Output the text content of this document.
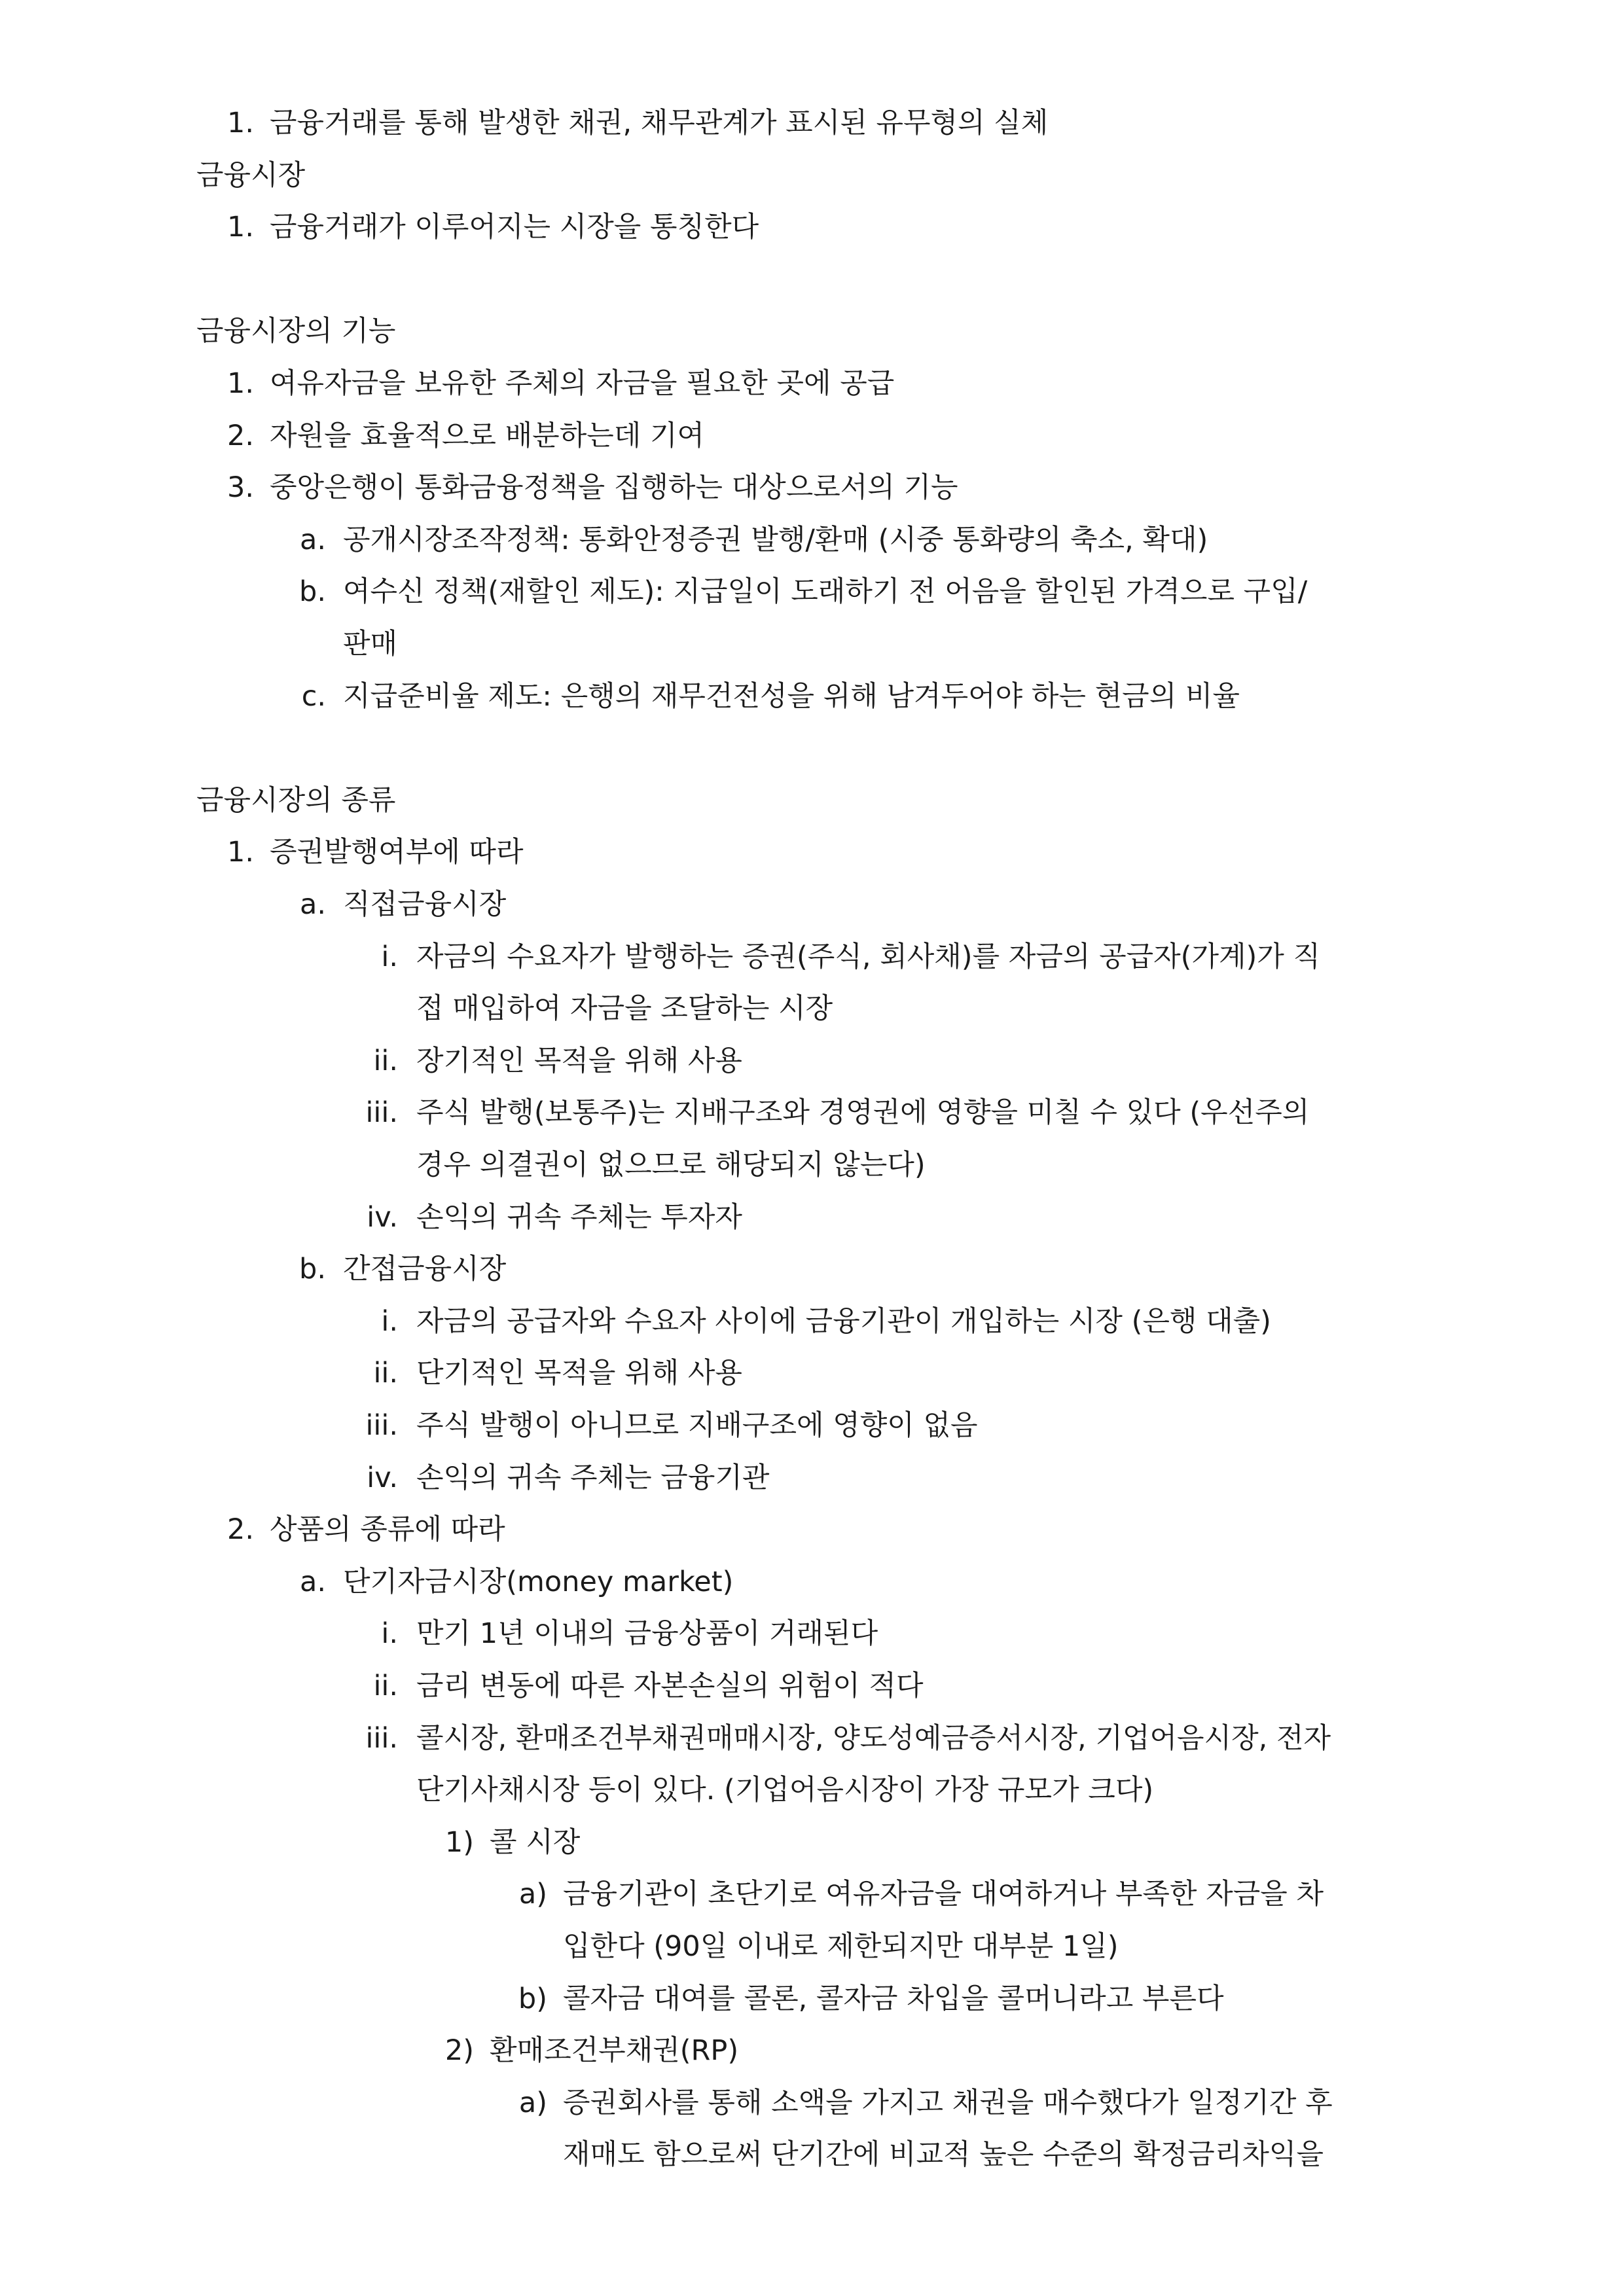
1. 금융거래를 통해 발생한 채권, 채무관계가 표시된 유무형의 실체
금융시장
1. 금융거래가 이루어지는 시장을 통칭한다
금융시장의 기능
1. 여유자금을 보유한 주체의 자금을 필요한 곳에 공급
2. 자원을 효율적으로 배분하는데 기여
3. 중앙은행이 통화금융정책을 집행하는 대상으로서의 기능
a. 공개시장조작정책: 통화안정증권 발행/환매 (시중 통화량의 축소, 확대)
b. 여수신 정책(재할인 제도): 지급일이 도래하기 전 어음을 할인된 가격으로 구입/
판매
c. 지급준비율 제도: 은행의 재무건전성을 위해 남겨두어야 하는 현금의 비율
금융시장의 종류
1. 증권발행여부에 따라
a. 직접금융시장
i. 자금의 수요자가 발행하는 증권(주식, 회사채)를 자금의 공급자(가계)가 직
접 매입하여 자금을 조달하는 시장
ii. 장기적인 목적을 위해 사용
iii. 주식 발행(보통주)는 지배구조와 경영권에 영향을 미칠 수 있다 (우선주의
경우 의결권이 없으므로 해당되지 않는다)
iv. 손익의 귀속 주체는 투자자
b. 간접금융시장
i. 자금의 공급자와 수요자 사이에 금융기관이 개입하는 시장 (은행 대출)
ii. 단기적인 목적을 위해 사용
iii. 주식 발행이 아니므로 지배구조에 영향이 없음
iv. 손익의 귀속 주체는 금융기관
2. 상품의 종류에 따라
a. 단기자금시장(money market)
i. 만기 1년 이내의 금융상품이 거래된다
ii. 금리 변동에 따른 자본손실의 위험이 적다
iii. 콜시장, 환매조건부채권매매시장, 양도성예금증서시장, 기업어음시장, 전자
단기사채시장 등이 있다. (기업어음시장이 가장 규모가 크다)
1) 콜 시장
a) 금융기관이 초단기로 여유자금을 대여하거나 부족한 자금을 차
입한다 (90일 이내로 제한되지만 대부분 1일)
b) 콜자금 대여를 콜론, 콜자금 차입을 콜머니라고 부른다
2) 환매조건부채권(RP)
a) 증권회사를 통해 소액을 가지고 채권을 매수했다가 일정기간 후
재매도 함으로써 단기간에 비교적 높은 수준의 확정금리차익을
